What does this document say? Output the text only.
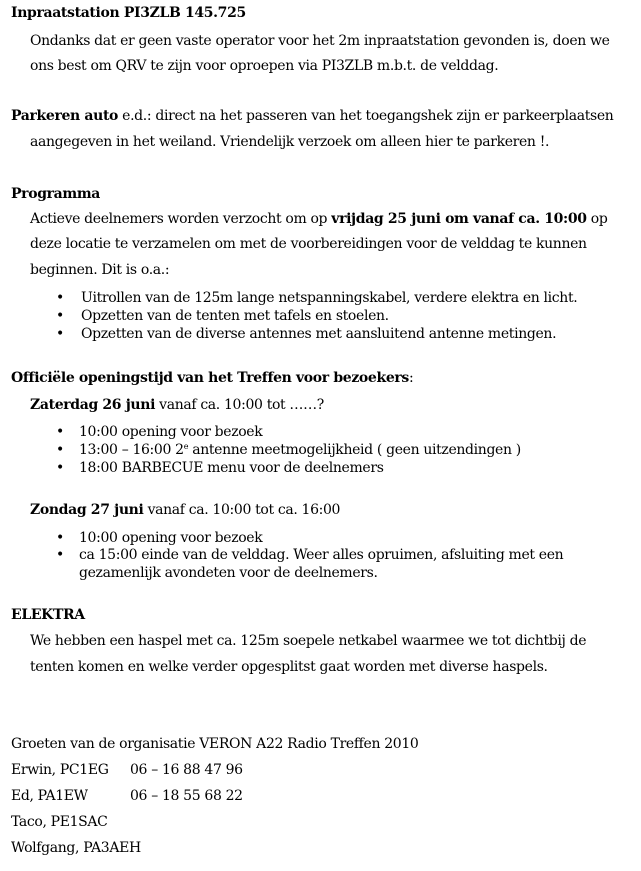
Inpraatstation PI3ZLB 145.725
Ondanks dat er geen vaste operator voor het 2m inpraatstation gevonden is, doen we
ons best om QRV te zijn voor oproepen via PI3ZLB m.b.t. de velddag.
Parkeren auto e.d.: direct na het passeren van het toegangshek zijn er parkeerplaatsen
aangegeven in het weiland. Vriendelijk verzoek om alleen hier te parkeren !.
Programma
Actieve deelnemers worden verzocht om op vrijdag 25 juni om vanaf ca. 10:00 op
deze locatie te verzamelen om met de voorbereidingen voor de velddag te kunnen
beginnen. Dit is o.a.:
• Uitrollen van de 125m lange netspanningskabel, verdere elektra en licht.
• Opzetten van de tenten met tafels en stoelen.
• Opzetten van de diverse antennes met aansluitend antenne metingen.
Officiële openingstijd van het Treffen voor bezoekers:
Zaterdag 26 juni vanaf ca. 10:00 tot ……?
• 10:00 opening voor bezoek
• 13:00 – 16:00 2e antenne meetmogelijkheid ( geen uitzendingen )
• 18:00 BARBECUE menu voor de deelnemers
Zondag 27 juni vanaf ca. 10:00 tot ca. 16:00
• 10:00 opening voor bezoek
• ca 15:00 einde van de velddag. Weer alles opruimen, afsluiting met een
gezamenlijk avondeten voor de deelnemers.
ELEKTRA
We hebben een haspel met ca. 125m soepele netkabel waarmee we tot dichtbij de
tenten komen en welke verder opgesplitst gaat worden met diverse haspels.
Groeten van de organisatie VERON A22 Radio Treffen 2010
Erwin, PC1EG 06 – 16 88 47 96
Ed, PA1EW	06 – 18 55 68 22
Taco, PE1SAC
Wolfgang, PA3AEH
